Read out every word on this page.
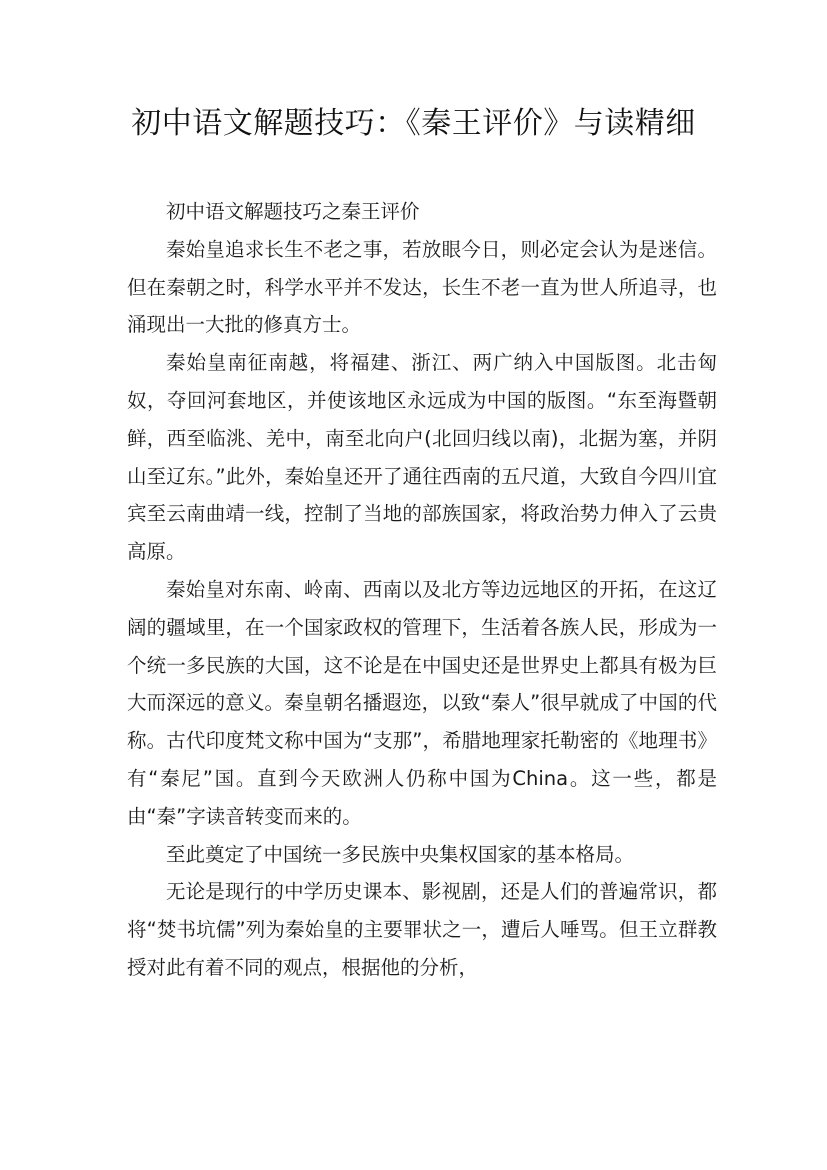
初中语文解题技巧：《秦王评价》与读精细

初中语文解题技巧之秦王评价

秦始皇追求长生不老之事，若放眼今日，则必定会认为是迷信。但在秦朝之时，科学水平并不发达，长生不老一直为世人所追寻，也涌现出一大批的修真方士。

秦始皇南征南越，将福建、浙江、两广纳入中国版图。北击匈奴，夺回河套地区，并使该地区永远成为中国的版图。“东至海暨朝鲜，西至临洮、羌中，南至北向户(北回归线以南)，北据为塞，并阴山至辽东。”此外，秦始皇还开了通往西南的五尺道，大致自今四川宜宾至云南曲靖一线，控制了当地的部族国家，将政治势力伸入了云贵高原。

秦始皇对东南、岭南、西南以及北方等边远地区的开拓，在这辽阔的疆域里，在一个国家政权的管理下，生活着各族人民，形成为一个统一多民族的大国，这不论是在中国史还是世界史上都具有极为巨大而深远的意义。秦皇朝名播遐迩，以致“秦人”很早就成了中国的代称。古代印度梵文称中国为“支那”，希腊地理家托勒密的《地理书》有“秦尼”国。直到今天欧洲人仍称中国为China。这一些，都是由“秦”字读音转变而来的。

至此奠定了中国统一多民族中央集权国家的基本格局。

无论是现行的中学历史课本、影视剧，还是人们的普遍常识，都将“焚书坑儒”列为秦始皇的主要罪状之一，遭后人唾骂。但王立群教授对此有着不同的观点，根据他的分析，
